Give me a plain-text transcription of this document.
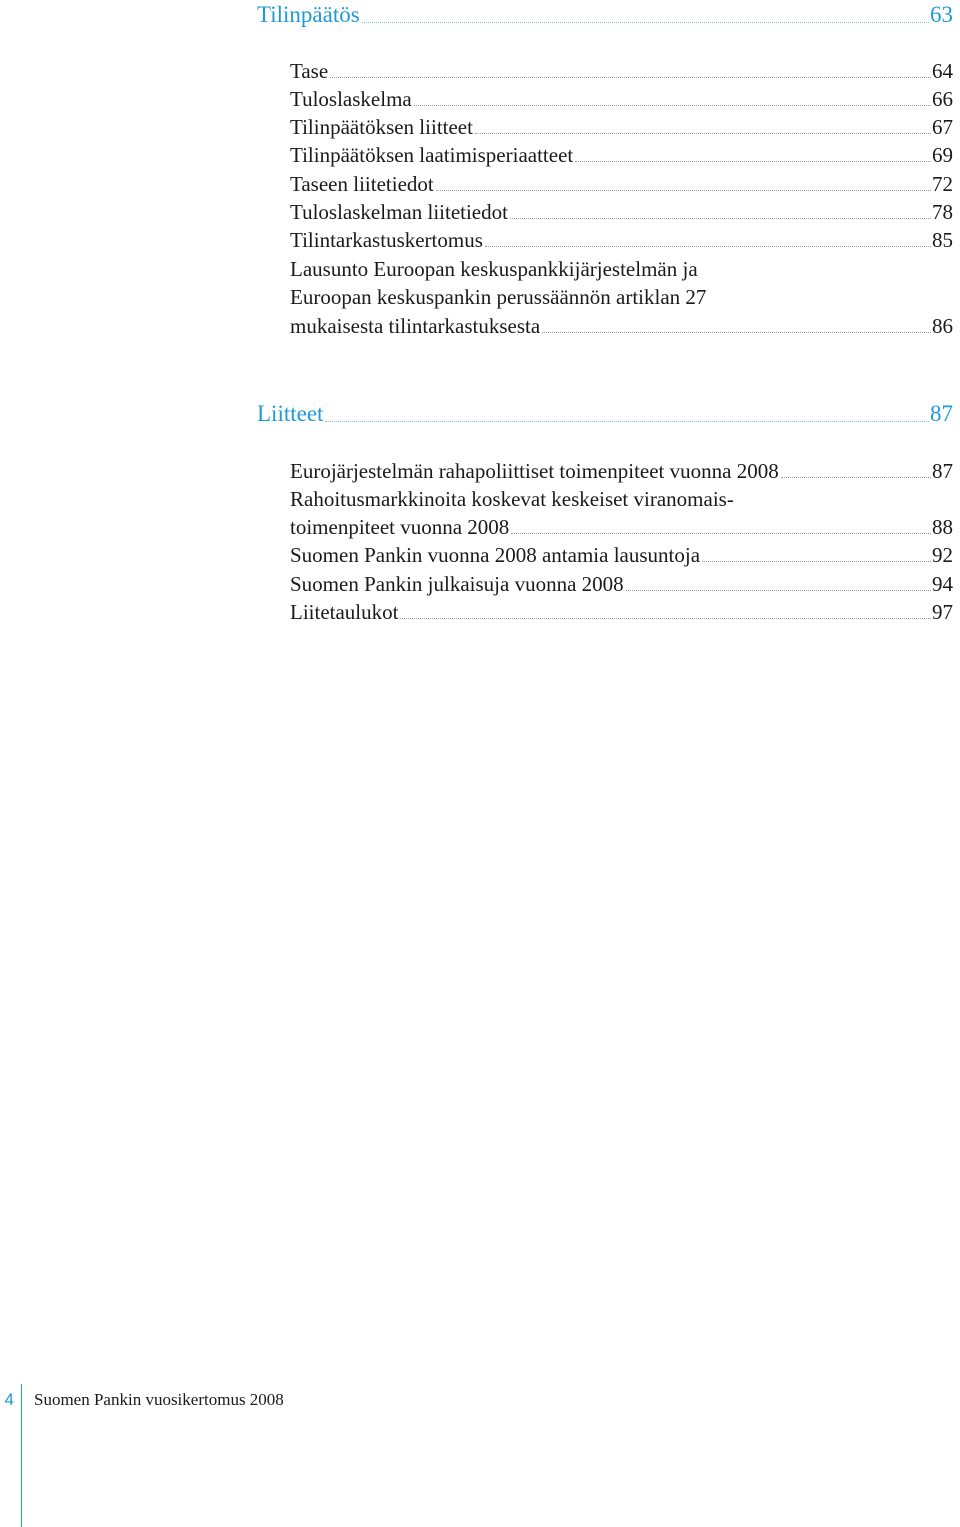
Tilinpäätös	63
Tase	64
Tuloslaskelma	66
Tilinpäätöksen liitteet	67
Tilinpäätöksen laatimisperiaatteet	69
Taseen liitetiedot	72
Tuloslaskelman liitetiedot	78
Tilintarkastuskertomus	85
Lausunto Euroopan keskuspankkijärjestelmän ja
Euroopan keskuspankin perussäännön artiklan 27
mukaisesta tilintarkastuksesta	86
Liitteet	87
Eurojärjestelmän rahapoliittiset toimenpiteet vuonna 2008	87
Rahoitusmarkkinoita koskevat keskeiset viranomais-
toimenpiteet vuonna 2008	88
Suomen Pankin vuonna 2008 antamia lausuntoja	92
Suomen Pankin julkaisuja vuonna 2008	94
Liitetaulukot	97
4 Suomen Pankin vuosikertomus 2008
